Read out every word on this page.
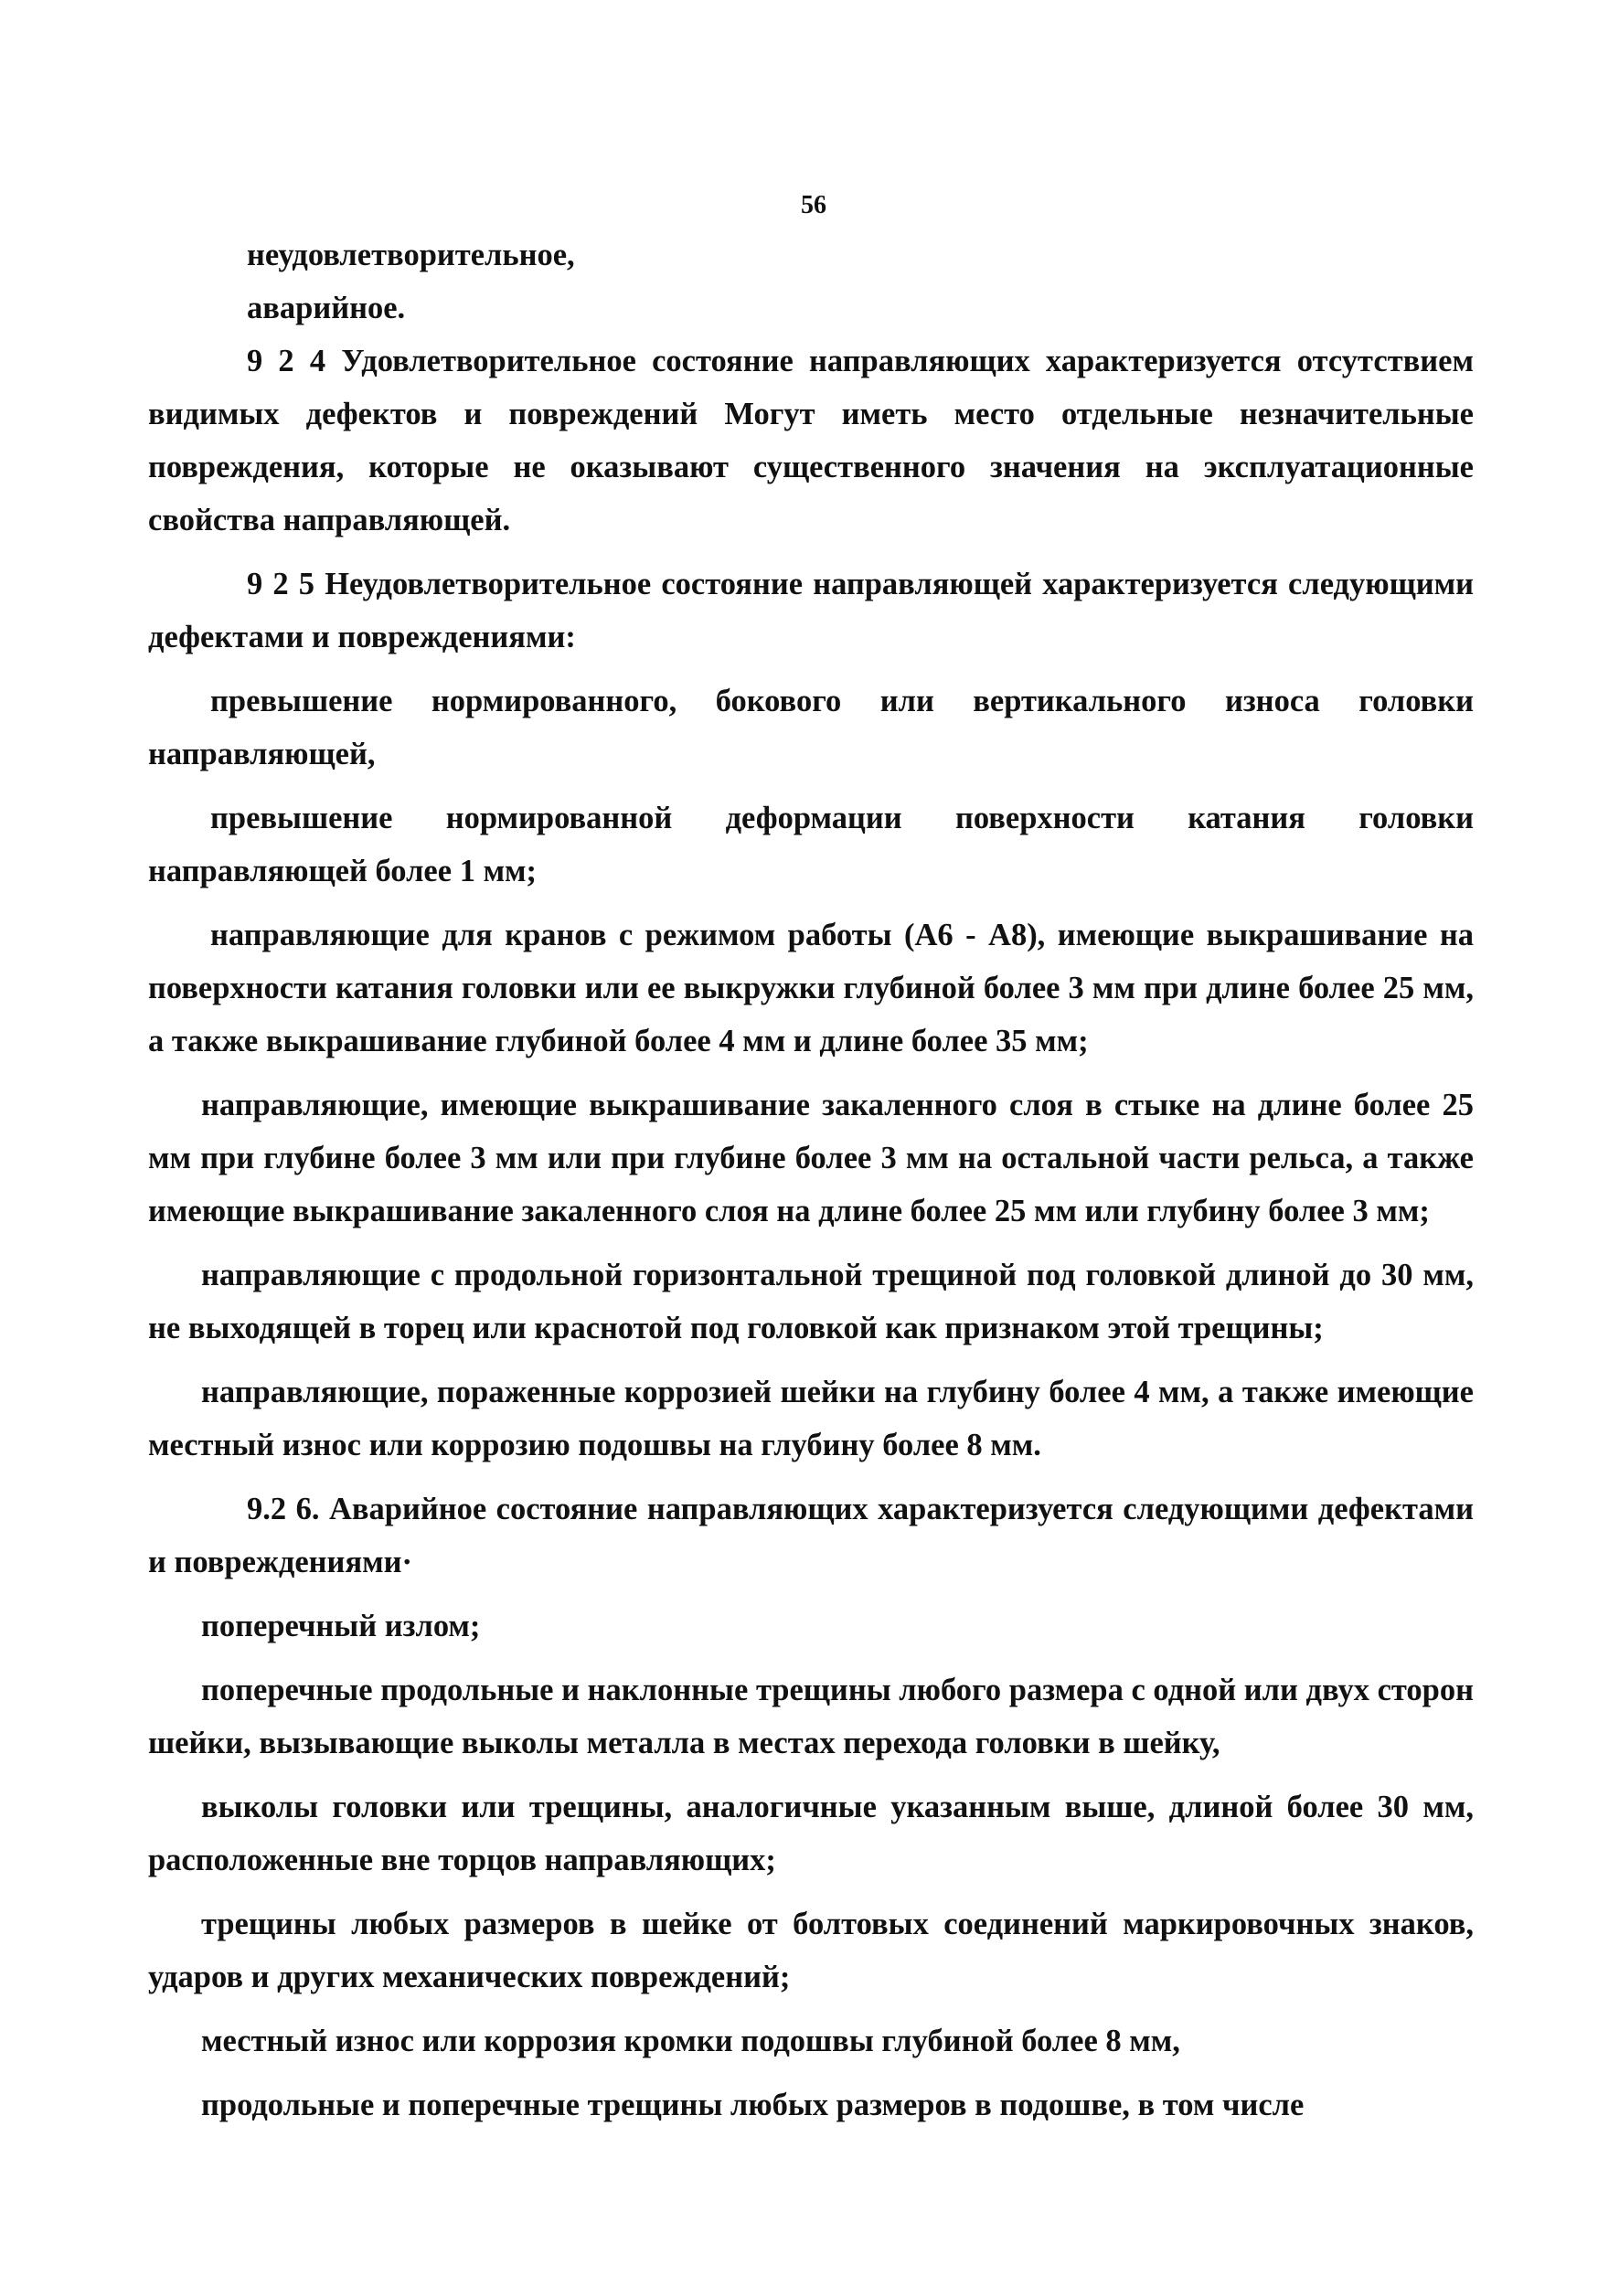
56

неудовлетворительное,

аварийное.

9 2 4 Удовлетворительное состояние направляющих характеризуется отсутствием видимых дефектов и повреждений Могут иметь место отдельные незначительные повреждения, которые не оказывают существенного значения на эксплуатационные свойства направляющей.

9 2 5 Неудовлетворительное состояние направляющей характеризуется следующими дефектами и повреждениями:

превышение нормированного, бокового или вертикального износа головки направляющей,

превышение нормированной деформации поверхности катания головки направляющей более 1 мм;

направляющие для кранов с режимом работы (А6 - А8), имеющие выкрашивание на поверхности катания головки или ее выкружки глубиной более 3 мм при длине более 25 мм, а также выкрашивание глубиной более 4 мм и длине более 35 мм;

направляющие, имеющие выкрашивание закаленного слоя в стыке на длине более 25 мм при глубине более 3 мм или при глубине более 3 мм на остальной части рельса, а также имеющие выкрашивание закаленного слоя на длине более 25 мм или глубину более 3 мм;

направляющие с продольной горизонтальной трещиной под головкой длиной до 30 мм, не выходящей в торец или краснотой под головкой как признаком этой трещины;

направляющие, пораженные коррозией шейки на глубину более 4 мм, а также имеющие местный износ или коррозию подошвы на глубину более 8 мм.

9.2 6. Аварийное состояние направляющих характеризуется следующими дефектами и повреждениями·

поперечный излом;

поперечные продольные и наклонные трещины любого размера с одной или двух сторон шейки, вызывающие выколы металла в местах перехода головки в шейку,

выколы головки или трещины, аналогичные указанным выше, длиной более 30 мм, расположенные вне торцов направляющих;

трещины любых размеров в шейке от болтовых соединений маркировочных знаков, ударов и других механических повреждений;

местный износ или коррозия кромки подошвы глубиной более 8 мм,

продольные и поперечные трещины любых размеров в подошве, в том числе
